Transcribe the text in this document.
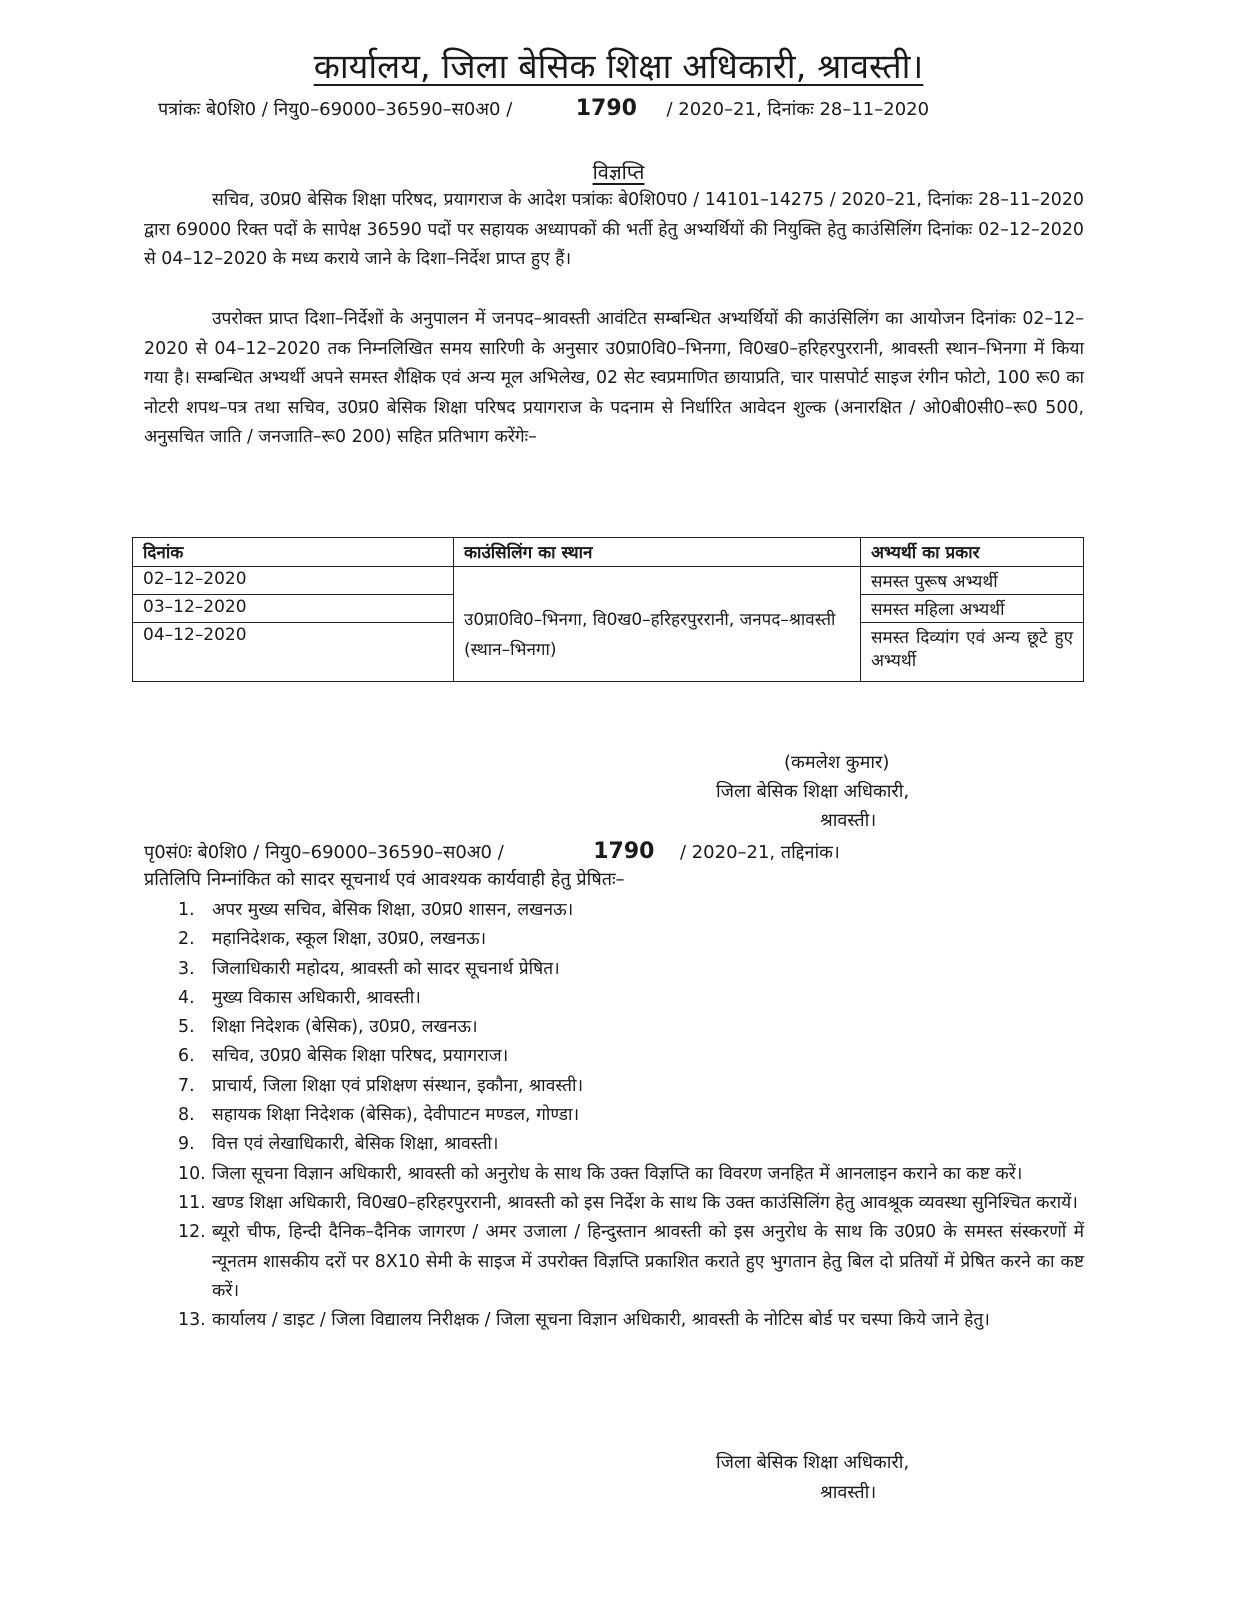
कार्यालय, जिला बेसिक शिक्षा अधिकारी, श्रावस्ती।
पत्रांकः बे0शि0 / नियु0–69000–36590–स0अ0 /	1790 / 2020–21, दिनांकः 28–11–2020
विज्ञप्ति
सचिव, उ0प्र0 बेसिक शिक्षा परिषद, प्रयागराज के आदेश पत्रांकः बे0शि0प0 / 14101–14275 / 2020–21, दिनांकः 28–11–2020 द्वारा 69000 रिक्त पदों के सापेक्ष 36590 पदों पर सहायक अध्यापकों की भर्ती हेतु अभ्यर्थियों की नियुक्ति हेतु काउंसिलिंग दिनांकः 02–12–2020 से 04–12–2020 के मध्य कराये जाने के दिशा–निर्देश प्राप्त हुए हैं।
उपरोक्त प्राप्त दिशा–निर्देशों के अनुपालन में जनपद–श्रावस्ती आवंटित सम्बन्धित अभ्यर्थियों की काउंसिलिंग का आयोजन दिनांकः 02–12–2020 से 04–12–2020 तक निम्नलिखित समय सारिणी के अनुसार उ0प्रा0वि0–भिनगा, वि0ख0–हरिहरपुररानी, श्रावस्ती स्थान–भिनगा में किया गया है। सम्बन्धित अभ्यर्थी अपने समस्त शैक्षिक एवं अन्य मूल अभिलेख, 02 सेट स्वप्रमाणित छायाप्रति, चार पासपोर्ट साइज रंगीन फोटो, 100 रू0 का नोटरी शपथ–पत्र तथा सचिव, उ0प्र0 बेसिक शिक्षा परिषद प्रयागराज के पदनाम से निर्धारित आवेदन शुल्क (अनारक्षित / ओ0बी0सी0–रू0 500, अनुसचित जाति / जनजाति–रू0 200) सहित प्रतिभाग करेंगेः–
दिनांक	काउंसिलिंग का स्थान	अभ्यर्थी का प्रकार
02–12–2020	उ0प्रा0वि0–भिनगा, वि0ख0–हरिहरपुररानी, जनपद–श्रावस्ती (स्थान–भिनगा)	समस्त पुरूष अभ्यर्थी
03–12–2020		समस्त महिला अभ्यर्थी
04–12–2020		समस्त दिव्यांग एवं अन्य छूटे हुए अभ्यर्थी
(कमलेश कुमार)
जिला बेसिक शिक्षा अधिकारी,
श्रावस्ती।
पृ0सं0ः बे0शि0 / नियु0–69000–36590–स0अ0 /	1790 / 2020–21, तद्दिनांक।
प्रतिलिपि निम्नांकित को सादर सूचनार्थ एवं आवश्यक कार्यवाही हेतु प्रेषितः–
1.	अपर मुख्य सचिव, बेसिक शिक्षा, उ0प्र0 शासन, लखनऊ।
2.	महानिदेशक, स्कूल शिक्षा, उ0प्र0, लखनऊ।
3.	जिलाधिकारी महोदय, श्रावस्ती को सादर सूचनार्थ प्रेषित।
4.	मुख्य विकास अधिकारी, श्रावस्ती।
5.	शिक्षा निदेशक (बेसिक), उ0प्र0, लखनऊ।
6.	सचिव, उ0प्र0 बेसिक शिक्षा परिषद, प्रयागराज।
7.	प्राचार्य, जिला शिक्षा एवं प्रशिक्षण संस्थान, इकौना, श्रावस्ती।
8.	सहायक शिक्षा निदेशक (बेसिक), देवीपाटन मण्डल, गोण्डा।
9.	वित्त एवं लेखाधिकारी, बेसिक शिक्षा, श्रावस्ती।
10. जिला सूचना विज्ञान अधिकारी, श्रावस्ती को अनुरोध के साथ कि उक्त विज्ञप्ति का विवरण जनहित में आनलाइन कराने का कष्ट करें।
11. खण्ड शिक्षा अधिकारी, वि0ख0–हरिहरपुररानी, श्रावस्ती को इस निर्देश के साथ कि उक्त काउंसिलिंग हेतु आवश्रूक व्यवस्था सुनिश्चित करायें।
12. ब्यूरो चीफ, हिन्दी दैनिक–दैनिक जागरण / अमर उजाला / हिन्दुस्तान श्रावस्ती को इस अनुरोध के साथ कि उ0प्र0 के समस्त संस्करणों में न्यूनतम शासकीय दरों पर 8X10 सेमी के साइज में उपरोक्त विज्ञप्ति प्रकाशित कराते हुए भुगतान हेतु बिल दो प्रतियों में प्रेषित करने का कष्ट करें।
13. कार्यालय / डाइट / जिला विद्यालय निरीक्षक / जिला सूचना विज्ञान अधिकारी, श्रावस्ती के नोटिस बोर्ड पर चस्पा किये जाने हेतु।
जिला बेसिक शिक्षा अधिकारी,
श्रावस्ती।
